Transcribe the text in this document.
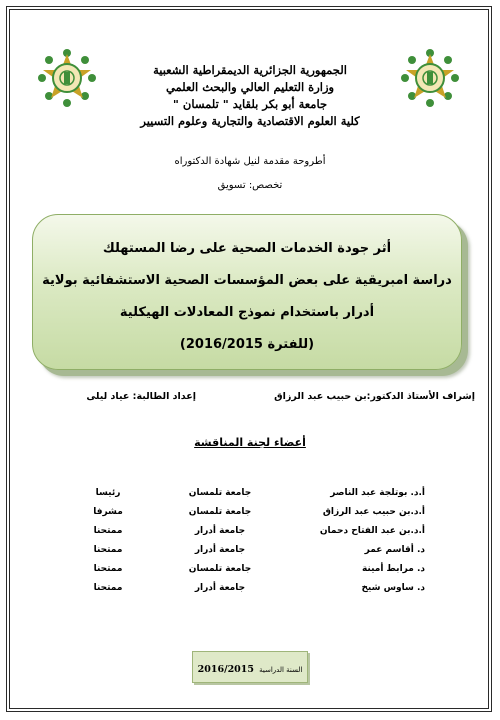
الجمهورية الجزائرية الديمقراطية الشعبية
وزارة التعليم العالي والبحث العلمي
جامعة أبو بكر بلقايد " تلمسان "
كلية العلوم الاقتصادية والتجارية وعلوم التسيير
أطروحة مقدمة لنيل شهادة الدكتوراه
تخصص: تسويق
أثر جودة الخدمات الصحية على رضا المستهلك
دراسة امبريقية على بعض المؤسسات الصحية الاستشفائية بولاية
أدرار باستخدام نموذج المعادلات الهيكلية
(للفترة 2016/2015)
إشراف الأستاذ الدكتور:بن حبيب عبد الرزاق
إعداد الطالبة: عياد ليلى
أعضاء لجنة المناقشة
أ.د. بوتلجة عبد الناصر
جامعة تلمسان
رئيسا
أ.د.بن حبيب عبد الرزاق
جامعة تلمسان
مشرفا
أ.د.بن عبد الفتاح دحمان
جامعة أدرار
ممتحنا
د. أقاسم عمر
جامعة أدرار
ممتحنا
د. مرابط أمينة
جامعة تلمسان
ممتحنا
د. ساوس شيخ
جامعة أدرار
ممتحنا
السنة الدراسية 2016/2015
